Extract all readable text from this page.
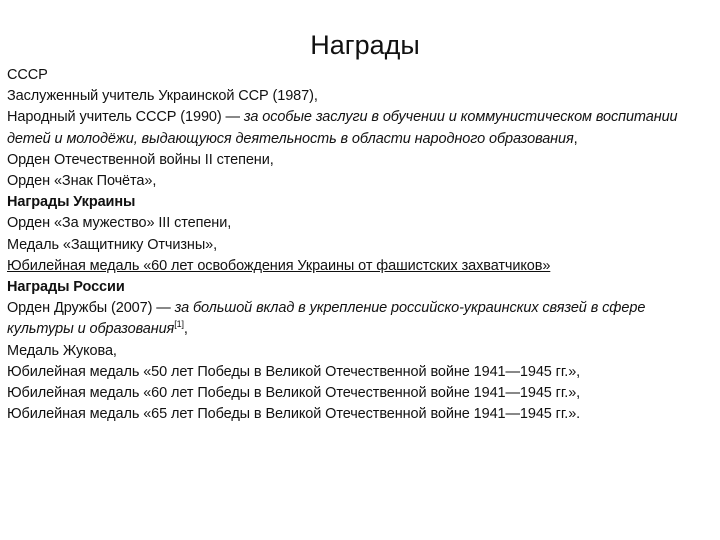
Награды
СССР
Заслуженный учитель Украинской ССР (1987),
Народный учитель СССР (1990) — за особые заслуги в обучении и коммунистическом воспитании детей и молодёжи, выдающуюся деятельность в области народного образования,
Орден Отечественной войны II степени,
Орден «Знак Почёта»,
Награды Украины
Орден «За мужество» III степени,
Медаль «Защитнику Отчизны»,
Юбилейная медаль «60 лет освобождения Украины от фашистских захватчиков»
Награды России
Орден Дружбы (2007) — за большой вклад в укрепление российско-украинских связей в сфере культуры и образования[1],
Медаль Жукова,
Юбилейная медаль «50 лет Победы в Великой Отечественной войне 1941—1945 гг.»,
Юбилейная медаль «60 лет Победы в Великой Отечественной войне 1941—1945 гг.»,
Юбилейная медаль «65 лет Победы в Великой Отечественной войне 1941—1945 гг.».
